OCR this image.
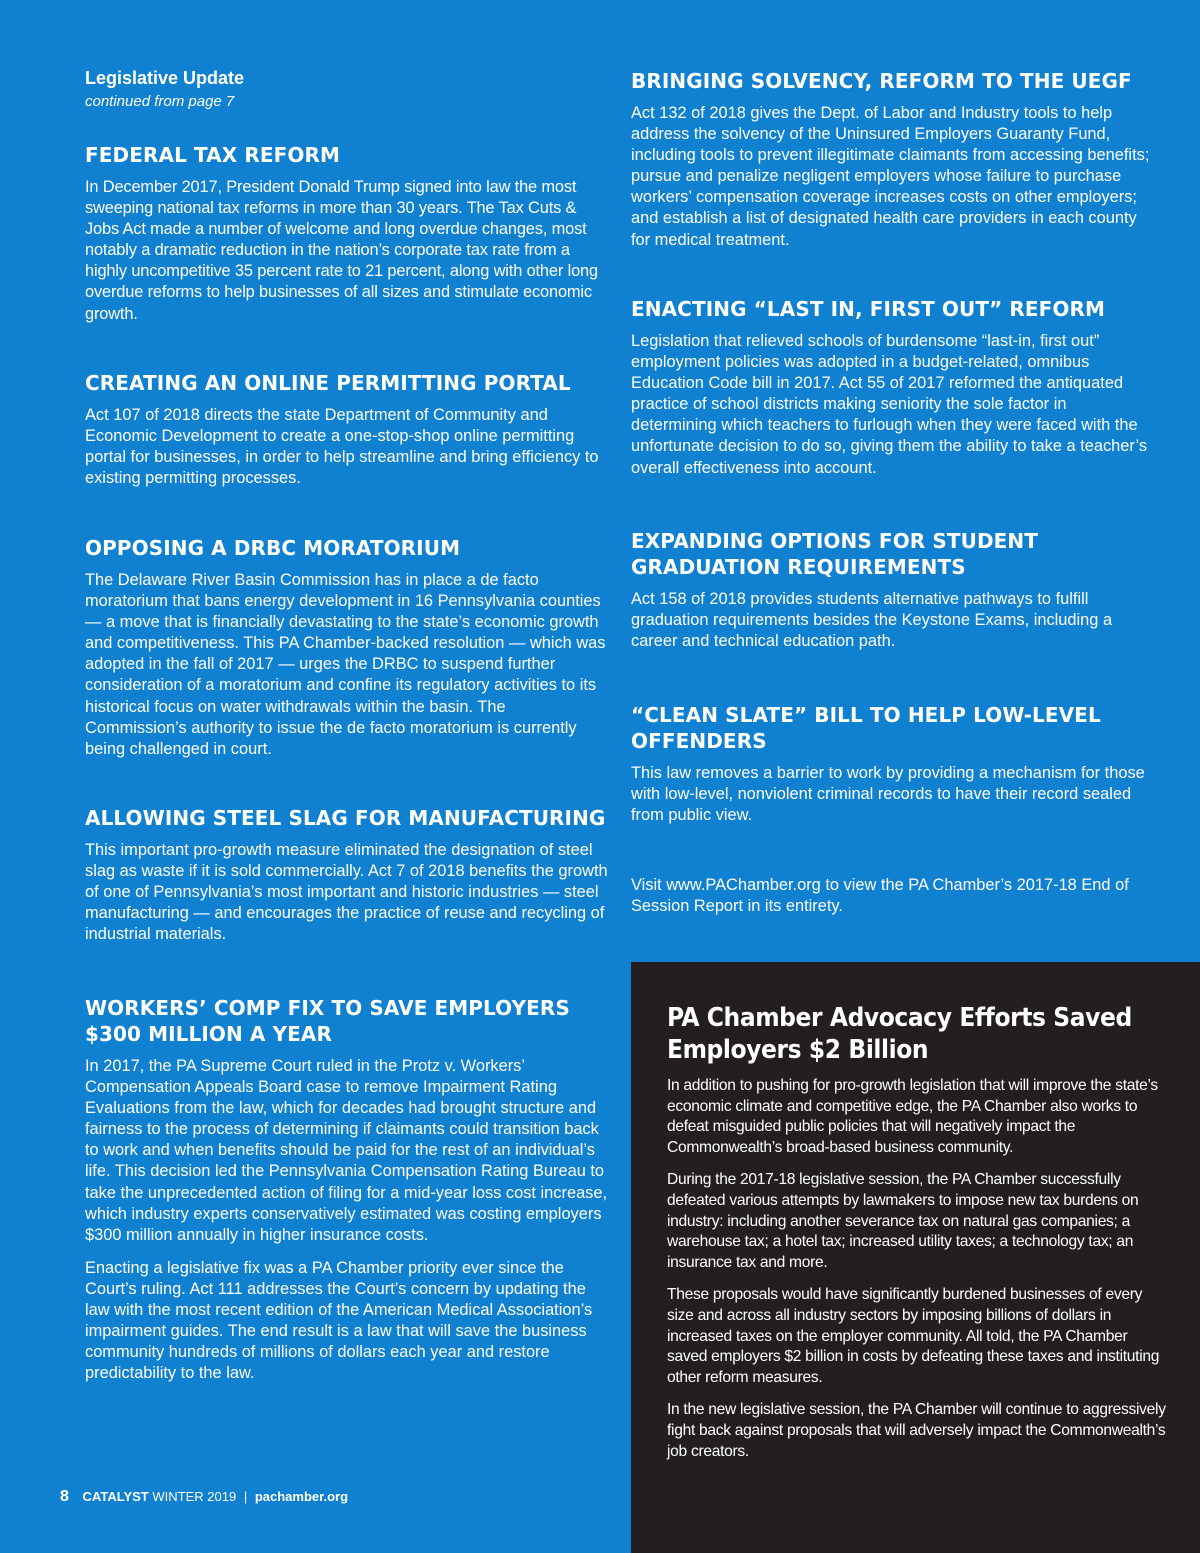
Legislative Update

continued from page 7

FEDERAL TAX REFORM

In December 2017, President Donald Trump signed into law the most sweeping national tax reforms in more than 30 years. The Tax Cuts & Jobs Act made a number of welcome and long overdue changes, most notably a dramatic reduction in the nation’s corporate tax rate from a highly uncompetitive 35 percent rate to 21 percent, along with other long overdue reforms to help businesses of all sizes and stimulate economic growth.

CREATING AN ONLINE PERMITTING PORTAL

Act 107 of 2018 directs the state Department of Community and Economic Development to create a one-stop-shop online permitting portal for businesses, in order to help streamline and bring efficiency to existing permitting processes.

OPPOSING A DRBC MORATORIUM

The Delaware River Basin Commission has in place a de facto moratorium that bans energy development in 16 Pennsylvania counties — a move that is financially devastating to the state’s economic growth and competitiveness. This PA Chamber-backed resolution — which was adopted in the fall of 2017 — urges the DRBC to suspend further consideration of a moratorium and confine its regulatory activities to its historical focus on water withdrawals within the basin. The Commission’s authority to issue the de facto moratorium is currently being challenged in court.

ALLOWING STEEL SLAG FOR MANUFACTURING

This important pro-growth measure eliminated the designation of steel slag as waste if it is sold commercially. Act 7 of 2018 benefits the growth of one of Pennsylvania’s most important and historic industries — steel manufacturing — and encourages the practice of reuse and recycling of industrial materials.

WORKERS’ COMP FIX TO SAVE EMPLOYERS $300 MILLION A YEAR

In 2017, the PA Supreme Court ruled in the Protz v. Workers’ Compensation Appeals Board case to remove Impairment Rating Evaluations from the law, which for decades had brought structure and fairness to the process of determining if claimants could transition back to work and when benefits should be paid for the rest of an individual’s life. This decision led the Pennsylvania Compensation Rating Bureau to take the unprecedented action of filing for a mid-year loss cost increase, which industry experts conservatively estimated was costing employers $300 million annually in higher insurance costs.

Enacting a legislative fix was a PA Chamber priority ever since the Court’s ruling. Act 111 addresses the Court’s concern by updating the law with the most recent edition of the American Medical Association’s impairment guides. The end result is a law that will save the business community hundreds of millions of dollars each year and restore predictability to the law.

BRINGING SOLVENCY, REFORM TO THE UEGF

Act 132 of 2018 gives the Dept. of Labor and Industry tools to help address the solvency of the Uninsured Employers Guaranty Fund, including tools to prevent illegitimate claimants from accessing benefits; pursue and penalize negligent employers whose failure to purchase workers’ compensation coverage increases costs on other employers; and establish a list of designated health care providers in each county for medical treatment.

ENACTING “LAST IN, FIRST OUT” REFORM

Legislation that relieved schools of burdensome “last-in, first out” employment policies was adopted in a budget-related, omnibus Education Code bill in 2017. Act 55 of 2017 reformed the antiquated practice of school districts making seniority the sole factor in determining which teachers to furlough when they were faced with the unfortunate decision to do so, giving them the ability to take a teacher’s overall effectiveness into account.

EXPANDING OPTIONS FOR STUDENT GRADUATION REQUIREMENTS

Act 158 of 2018 provides students alternative pathways to fulfill graduation requirements besides the Keystone Exams, including a career and technical education path.

“CLEAN SLATE” BILL TO HELP LOW-LEVEL OFFENDERS

This law removes a barrier to work by providing a mechanism for those with low-level, nonviolent criminal records to have their record sealed from public view.

Visit www.PAChamber.org to view the PA Chamber’s 2017-18 End of Session Report in its entirety.

PA Chamber Advocacy Efforts Saved Employers $2 Billion

In addition to pushing for pro-growth legislation that will improve the state’s economic climate and competitive edge, the PA Chamber also works to defeat misguided public policies that will negatively impact the Commonwealth’s broad-based business community.

During the 2017-18 legislative session, the PA Chamber successfully defeated various attempts by lawmakers to impose new tax burdens on industry: including another severance tax on natural gas companies; a warehouse tax; a hotel tax; increased utility taxes; a technology tax; an insurance tax and more.

These proposals would have significantly burdened businesses of every size and across all industry sectors by imposing billions of dollars in increased taxes on the employer community. All told, the PA Chamber saved employers $2 billion in costs by defeating these taxes and instituting other reform measures.

In the new legislative session, the PA Chamber will continue to aggressively fight back against proposals that will adversely impact the Commonwealth’s job creators.

8 CATALYST WINTER 2019 | pachamber.org
